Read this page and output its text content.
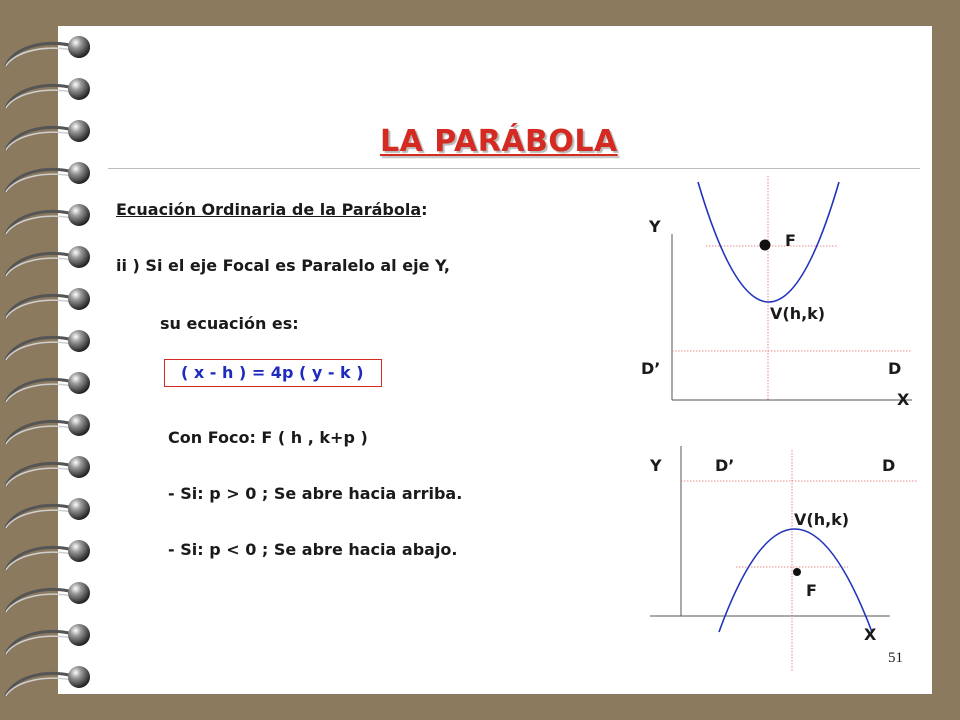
LA PARÁBOLA
Ecuación Ordinaria de la Parábola:
ii ) Si el eje Focal es Paralelo al eje Y,
su ecuación es:
( x - h ) = 4p ( y - k )
Con Foco: F ( h , k+p )
- Si: p > 0 ; Se abre hacia arriba.
- Si: p < 0 ; Se abre hacia abajo.
51
Y
F
V(h,k)
D’	D
X
Y	D’	D
V(h,k)
F
X
